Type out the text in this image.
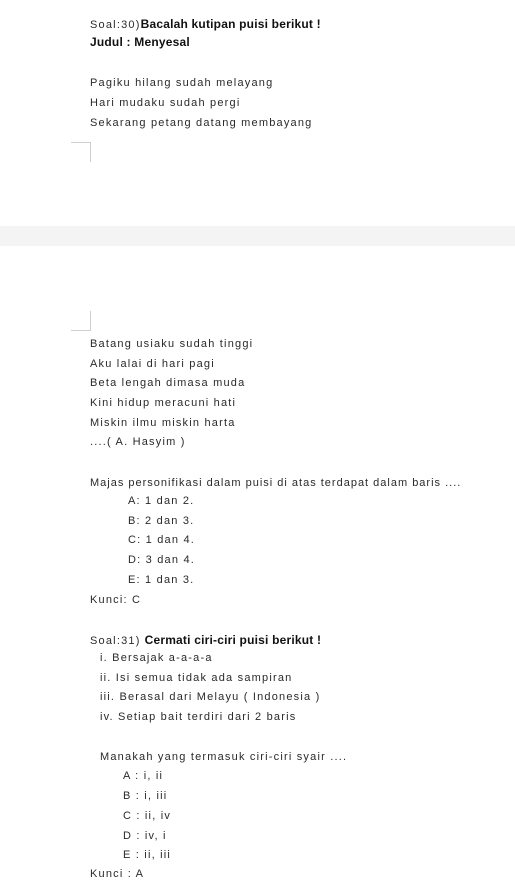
Soal:30)Bacalah kutipan puisi berikut !
Judul : Menyesal
Pagiku hilang sudah melayang
Hari mudaku sudah pergi
Sekarang petang datang membayang
Batang usiaku sudah tinggi
Aku lalai di hari pagi
Beta lengah dimasa muda
Kini hidup meracuni hati
Miskin ilmu miskin harta
....( A. Hasyim )
Majas personifikasi dalam puisi di atas terdapat dalam baris ....
A: 1 dan 2.
B: 2 dan 3.
C: 1 dan 4.
D: 3 dan 4.
E: 1 dan 3.
Kunci: C
Soal:31) Cermati ciri-ciri puisi berikut !
i. Bersajak a-a-a-a
ii. Isi semua tidak ada sampiran
iii. Berasal dari Melayu ( Indonesia )
iv. Setiap bait terdiri dari 2 baris
Manakah yang termasuk ciri-ciri syair ....
A : i, ii
B : i, iii
C : ii, iv
D : iv, i
E : ii, iii
Kunci : A
